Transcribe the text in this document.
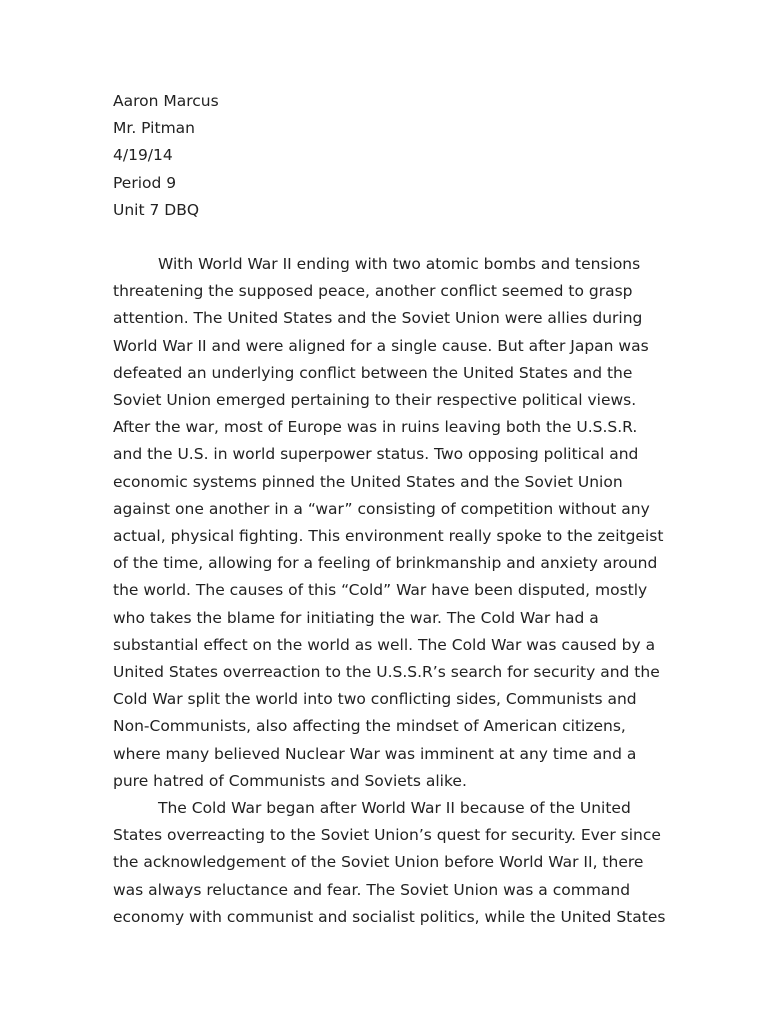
Aaron Marcus
Mr. Pitman
4/19/14
Period 9
Unit 7 DBQ
With World War II ending with two atomic bombs and tensions
threatening the supposed peace, another conflict seemed to grasp
attention. The United States and the Soviet Union were allies during
World War II and were aligned for a single cause. But after Japan was
defeated an underlying conflict between the United States and the
Soviet Union emerged pertaining to their respective political views.
After the war, most of Europe was in ruins leaving both the U.S.S.R.
and the U.S. in world superpower status. Two opposing political and
economic systems pinned the United States and the Soviet Union
against one another in a “war” consisting of competition without any
actual, physical fighting. This environment really spoke to the zeitgeist
of the time, allowing for a feeling of brinkmanship and anxiety around
the world. The causes of this “Cold” War have been disputed, mostly
who takes the blame for initiating the war. The Cold War had a
substantial effect on the world as well. The Cold War was caused by a
United States overreaction to the U.S.S.R’s search for security and the
Cold War split the world into two conflicting sides, Communists and
Non-Communists, also affecting the mindset of American citizens,
where many believed Nuclear War was imminent at any time and a
pure hatred of Communists and Soviets alike.
The Cold War began after World War II because of the United
States overreacting to the Soviet Union’s quest for security. Ever since
the acknowledgement of the Soviet Union before World War II, there
was always reluctance and fear. The Soviet Union was a command
economy with communist and socialist politics, while the United States
